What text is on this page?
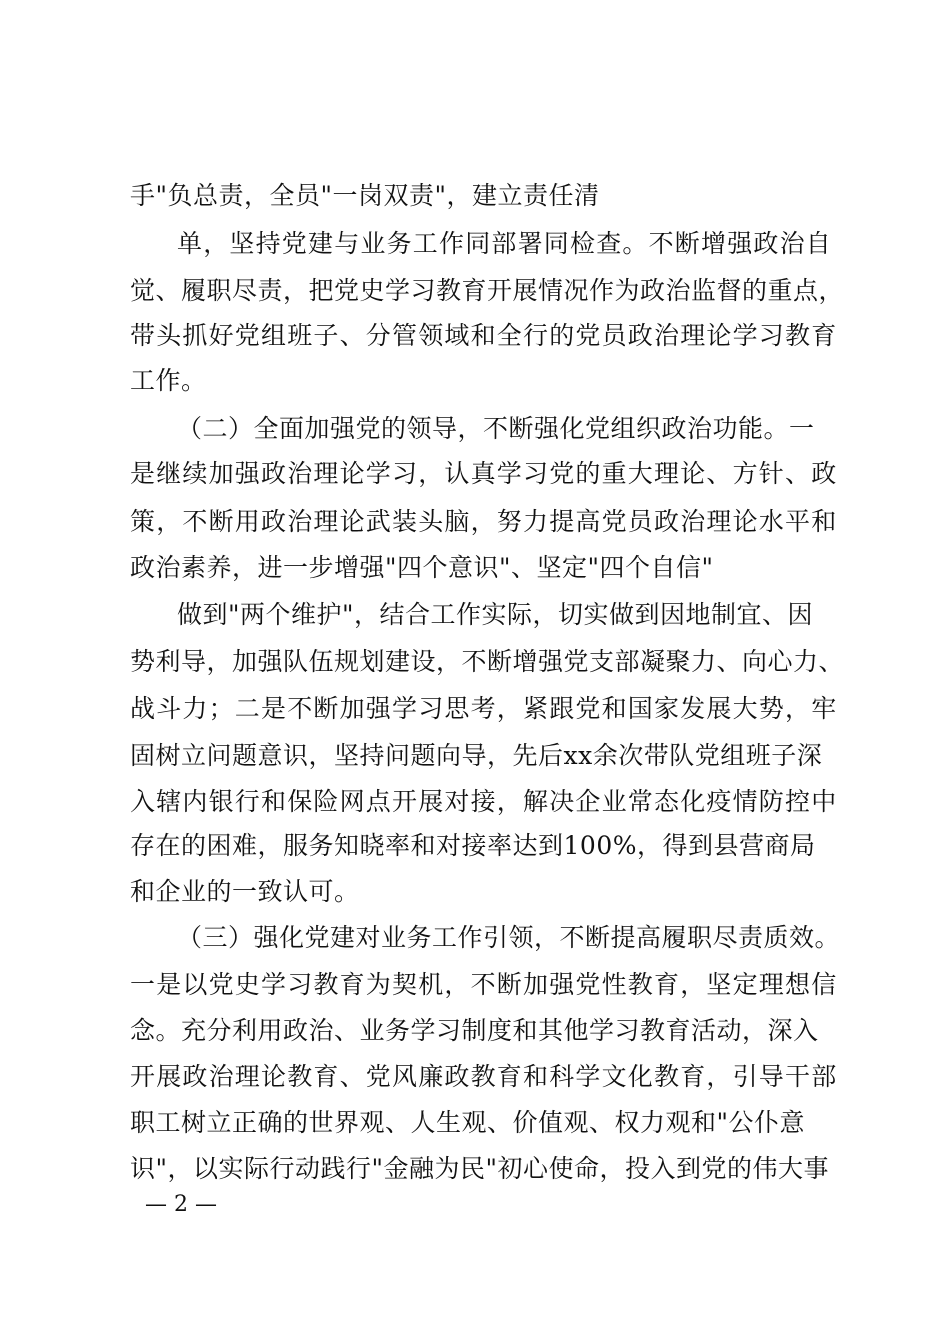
手"负总责，全员"一岗双责"，建立责任清
单，坚持党建与业务工作同部署同检查。不断增强政治自
觉、履职尽责，把党史学习教育开展情况作为政治监督的重点，
带头抓好党组班子、分管领域和全行的党员政治理论学习教育
工作。
（二）全面加强党的领导，不断强化党组织政治功能。一
是继续加强政治理论学习，认真学习党的重大理论、方针、政
策，不断用政治理论武装头脑，努力提高党员政治理论水平和
政治素养，进一步增强"四个意识"、坚定"四个自信"
做到"两个维护"，结合工作实际，切实做到因地制宜、因
势利导，加强队伍规划建设，不断增强党支部凝聚力、向心力、
战斗力；二是不断加强学习思考，紧跟党和国家发展大势，牢
固树立问题意识，坚持问题向导，先后xx余次带队党组班子深
入辖内银行和保险网点开展对接，解决企业常态化疫情防控中
存在的困难，服务知晓率和对接率达到100%，得到县营商局
和企业的一致认可。
（三）强化党建对业务工作引领，不断提高履职尽责质效。
一是以党史学习教育为契机，不断加强党性教育，坚定理想信
念。充分利用政治、业务学习制度和其他学习教育活动，深入
开展政治理论教育、党风廉政教育和科学文化教育，引导干部
职工树立正确的世界观、人生观、价值观、权力观和"公仆意
识"，以实际行动践行"金融为民"初心使命，投入到党的伟大事
— 2 —
